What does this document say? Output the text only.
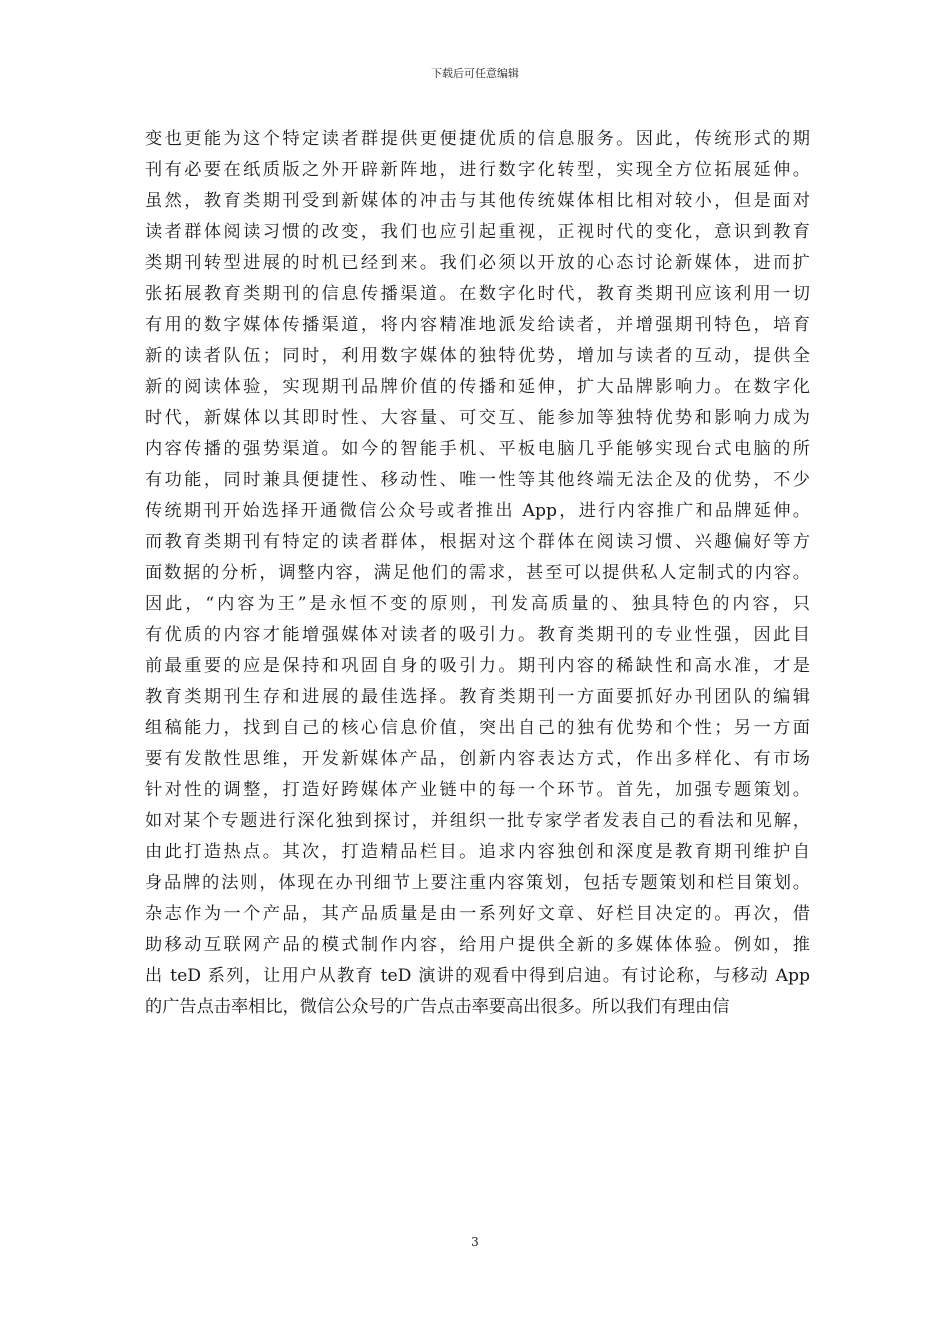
下载后可任意编辑
变也更能为这个特定读者群提供更便捷优质的信息服务。因此，传统形式的期
刊有必要在纸质版之外开辟新阵地，进行数字化转型，实现全方位拓展延伸。
虽然，教育类期刊受到新媒体的冲击与其他传统媒体相比相对较小，但是面对
读者群体阅读习惯的改变，我们也应引起重视，正视时代的变化，意识到教育
类期刊转型进展的时机已经到来。我们必须以开放的心态讨论新媒体，进而扩
张拓展教育类期刊的信息传播渠道。在数字化时代，教育类期刊应该利用一切
有用的数字媒体传播渠道，将内容精准地派发给读者，并增强期刊特色，培育
新的读者队伍；同时，利用数字媒体的独特优势，增加与读者的互动，提供全
新的阅读体验，实现期刊品牌价值的传播和延伸，扩大品牌影响力。在数字化
时代，新媒体以其即时性、大容量、可交互、能参加等独特优势和影响力成为
内容传播的强势渠道。如今的智能手机、平板电脑几乎能够实现台式电脑的所
有功能，同时兼具便捷性、移动性、唯一性等其他终端无法企及的优势，不少
传统期刊开始选择开通微信公众号或者推出 App，进行内容推广和品牌延伸。
而教育类期刊有特定的读者群体，根据对这个群体在阅读习惯、兴趣偏好等方
面数据的分析，调整内容，满足他们的需求，甚至可以提供私人定制式的内容。
因此，“内容为王”是永恒不变的原则，刊发高质量的、独具特色的内容，只
有优质的内容才能增强媒体对读者的吸引力。教育类期刊的专业性强，因此目
前最重要的应是保持和巩固自身的吸引力。期刊内容的稀缺性和高水准，才是
教育类期刊生存和进展的最佳选择。教育类期刊一方面要抓好办刊团队的编辑
组稿能力，找到自己的核心信息价值，突出自己的独有优势和个性；另一方面
要有发散性思维，开发新媒体产品，创新内容表达方式，作出多样化、有市场
针对性的调整，打造好跨媒体产业链中的每一个环节。首先，加强专题策划。
如对某个专题进行深化独到探讨，并组织一批专家学者发表自己的看法和见解，
由此打造热点。其次，打造精品栏目。追求内容独创和深度是教育期刊维护自
身品牌的法则，体现在办刊细节上要注重内容策划，包括专题策划和栏目策划。
杂志作为一个产品，其产品质量是由一系列好文章、好栏目决定的。再次，借
助移动互联网产品的模式制作内容，给用户提供全新的多媒体体验。例如，推
出 teD 系列，让用户从教育 teD 演讲的观看中得到启迪。有讨论称，与移动 App
的广告点击率相比，微信公众号的广告点击率要高出很多。所以我们有理由信
3
